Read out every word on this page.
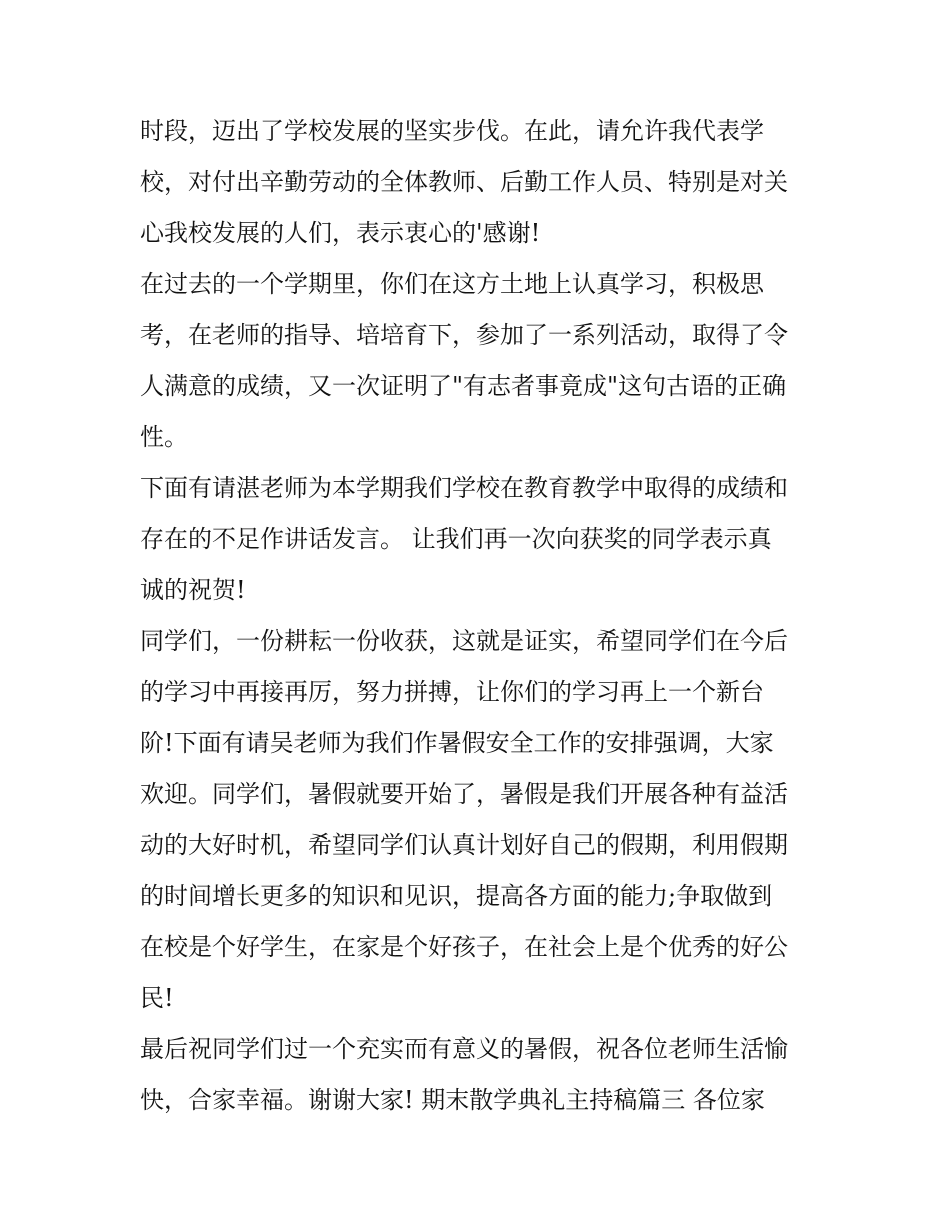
时段，迈出了学校发展的坚实步伐。在此，请允许我代表学
校，对付出辛勤劳动的全体教师、后勤工作人员、特别是对关
心我校发展的人们，表示衷心的'感谢!
在过去的一个学期里，你们在这方土地上认真学习，积极思
考，在老师的指导、培培育下，参加了一系列活动，取得了令
人满意的成绩，又一次证明了"有志者事竟成"这句古语的正确
性。
下面有请湛老师为本学期我们学校在教育教学中取得的成绩和
存在的不足作讲话发言。 让我们再一次向获奖的同学表示真
诚的祝贺!
同学们，一份耕耘一份收获，这就是证实，希望同学们在今后
的学习中再接再厉，努力拼搏，让你们的学习再上一个新台
阶!下面有请吴老师为我们作暑假安全工作的安排强调，大家
欢迎。同学们，暑假就要开始了，暑假是我们开展各种有益活
动的大好时机，希望同学们认真计划好自己的假期，利用假期
的时间增长更多的知识和见识，提高各方面的能力;争取做到
在校是个好学生，在家是个好孩子，在社会上是个优秀的好公
民!
最后祝同学们过一个充实而有意义的暑假，祝各位老师生活愉
快，合家幸福。谢谢大家! 期末散学典礼主持稿篇三 各位家
